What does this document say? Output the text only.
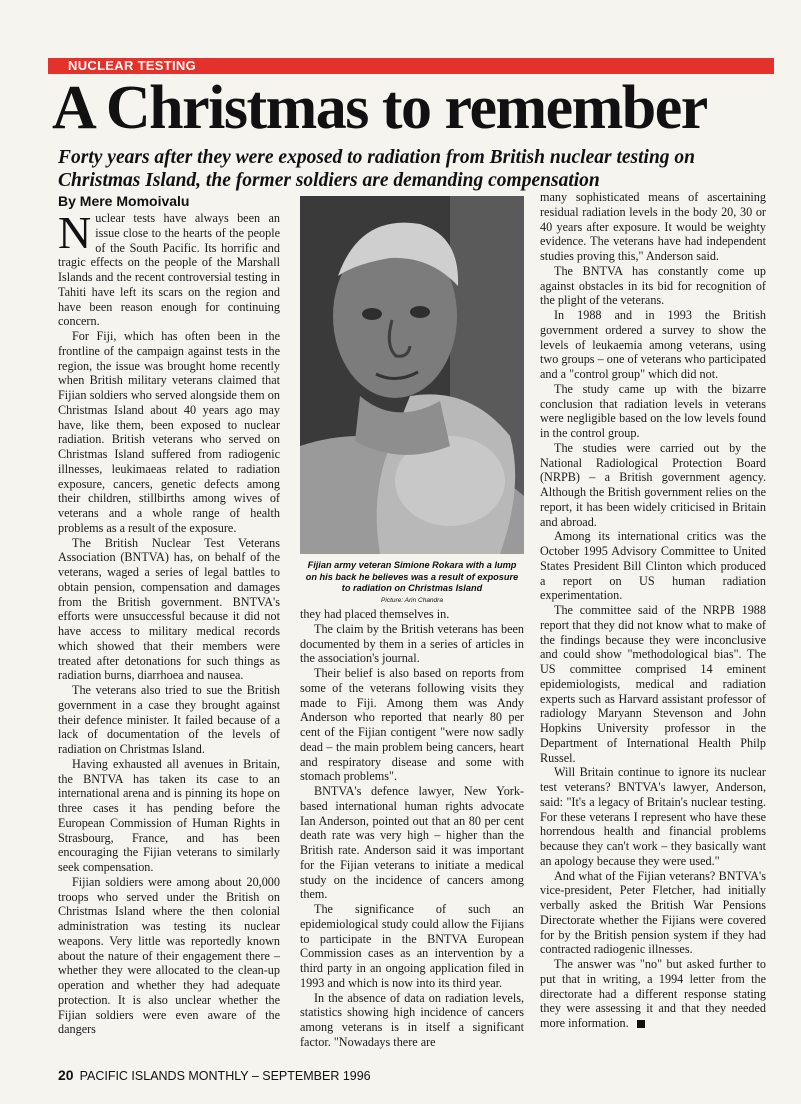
NUCLEAR TESTING
A Christmas to remember
Forty years after they were exposed to radiation from British nuclear testing on Christmas Island, the former soldiers are demanding compensation
By Mere Momoivalu

Nuclear tests have always been an issue close to the hearts of the people of the South Pacific. Its horrific and tragic effects on the people of the Marshall Islands and the recent controversial testing in Tahiti have left its scars on the region and have been reason enough for continuing concern.

For Fiji, which has often been in the frontline of the campaign against tests in the region, the issue was brought home recently when British military veterans claimed that Fijian soldiers who served alongside them on Christmas Island about 40 years ago may have, like them, been exposed to nuclear radiation. British veterans who served on Christmas Island suffered from radiogenic illnesses, leukimaeas related to radiation exposure, cancers, genetic defects among their children, stillbirths among wives of veterans and a whole range of health problems as a result of the exposure.

The British Nuclear Test Veterans Association (BNTVA) has, on behalf of the veterans, waged a series of legal battles to obtain pension, compensation and damages from the British government. BNTVA's efforts were unsuccessful because it did not have access to military medical records which showed that their members were treated after detonations for such things as radiation burns, diarrhoea and nausea.

The veterans also tried to sue the British government in a case they brought against their defence minister. It failed because of a lack of documentation of the levels of radiation on Christmas Island.

Having exhausted all avenues in Britain, the BNTVA has taken its case to an international arena and is pinning its hope on three cases it has pending before the European Commission of Human Rights in Strasbourg, France, and has been encouraging the Fijian veterans to similarly seek compensation.

Fijian soldiers were among about 20,000 troops who served under the British on Christmas Island where the then colonial administration was testing its nuclear weapons. Very little was reportedly known about the nature of their engagement there – whether they were allocated to the clean-up operation and whether they had adequate protection. It is also unclear whether the Fijian soldiers were even aware of the dangers

Fijian army veteran Simione Rokara with a lump on his back he believes was a result of exposure to radiation on Christmas Island
Picture: Arin Chandra

they had placed themselves in.

The claim by the British veterans has been documented by them in a series of articles in the association's journal.

Their belief is also based on reports from some of the veterans following visits they made to Fiji. Among them was Andy Anderson who reported that nearly 80 per cent of the Fijian contigent "were now sadly dead – the main problem being cancers, heart and respiratory disease and some with stomach problems".

BNTVA's defence lawyer, New York-based international human rights advocate Ian Anderson, pointed out that an 80 per cent death rate was very high – higher than the British rate. Anderson said it was important for the Fijian veterans to initiate a medical study on the incidence of cancers among them.

The significance of such an epidemiological study could allow the Fijians to participate in the BNTVA European Commission cases as an intervention by a third party in an ongoing application filed in 1993 and which is now into its third year.

In the absence of data on radiation levels, statistics showing high incidence of cancers among veterans is in itself a significant factor. "Nowadays there are

many sophisticated means of ascertaining residual radiation levels in the body 20, 30 or 40 years after exposure. It would be weighty evidence. The veterans have had independent studies proving this," Anderson said.

The BNTVA has constantly come up against obstacles in its bid for recognition of the plight of the veterans.

In 1988 and in 1993 the British government ordered a survey to show the levels of leukaemia among veterans, using two groups – one of veterans who participated and a "control group" which did not.

The study came up with the bizarre conclusion that radiation levels in veterans were negligible based on the low levels found in the control group.

The studies were carried out by the National Radiological Protection Board (NRPB) – a British government agency. Although the British government relies on the report, it has been widely criticised in Britain and abroad.

Among its international critics was the October 1995 Advisory Committee to United States President Bill Clinton which produced a report on US human radiation experimentation.

The committee said of the NRPB 1988 report that they did not know what to make of the findings because they were inconclusive and could show "methodological bias". The US committee comprised 14 eminent epidemiologists, medical and radiation experts such as Harvard assistant professor of radiology Maryann Stevenson and John Hopkins University professor in the Department of International Health Philp Russel.

Will Britain continue to ignore its nuclear test veterans? BNTVA's lawyer, Anderson, said: "It's a legacy of Britain's nuclear testing. For these veterans I represent who have these horrendous health and financial problems because they can't work – they basically want an apology because they were used."

And what of the Fijian veterans? BNTVA's vice-president, Peter Fletcher, had initially verbally asked the British War Pensions Directorate whether the Fijians were covered for by the British pension system if they had contracted radiogenic illnesses.

The answer was "no" but asked further to put that in writing, a 1994 letter from the directorate had a different response stating they were assessing it and that they needed more information.

20 PACIFIC ISLANDS MONTHLY – SEPTEMBER 1996
